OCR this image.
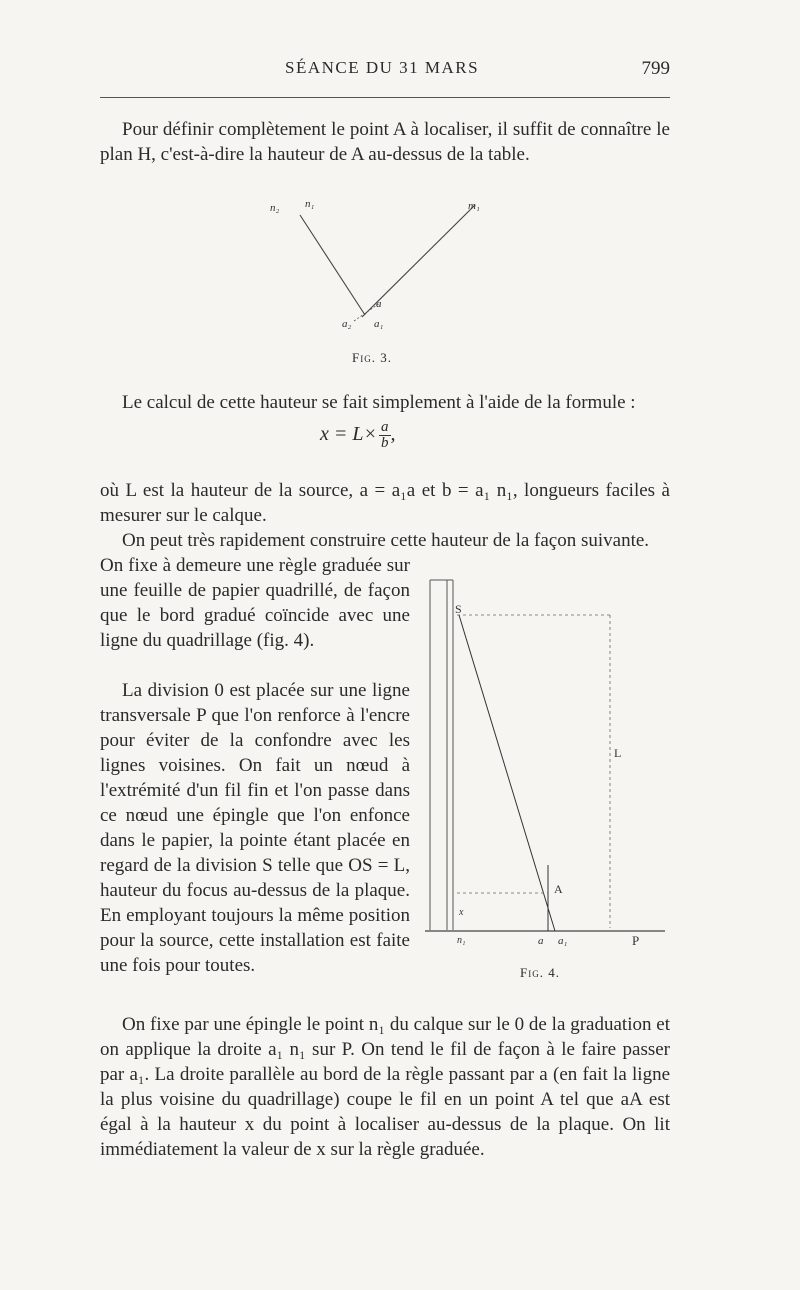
SÉANCE DU 31 MARS	799

Pour définir complètement le point A à localiser, il suffit de connaître le plan H, c'est-à-dire la hauteur de A au-dessus de la table.

n₂ n₁	m₁
a
a₂ a₁
Fig. 3.

Le calcul de cette hauteur se fait simplement à l'aide de la formule :

$x = L\times \frac{a}{b}$,

où L est la hauteur de la source, a = a₁a et b = a₁ n₁, longueurs faciles à mesurer sur le calque.

On peut très rapidement construire cette hauteur de la façon suivante.

On fixe à demeure une règle graduée sur une feuille de papier quadrillé, de façon que le bord gradué coïncide avec une ligne du quadrillage (fig. 4).

La division 0 est placée sur une ligne transversale P que l'on renforce à l'encre pour éviter de la confondre avec les lignes voisines. On fait un nœud à l'extrémité d'un fil fin et l'on passe dans ce nœud une épingle que l'on enfonce dans le papier, la pointe étant placée en regard de la division S telle que OS = L, hauteur du focus au-dessus de la plaque. En employant toujours la même position pour la source, cette installation est faite une fois pour toutes.

S
L
A
x
n₁	a a₁	P
Fig. 4.

On fixe par une épingle le point n₁ du calque sur le 0 de la graduation et on applique la droite a₁ n₁ sur P. On tend le fil de façon à le faire passer par a₁. La droite parallèle au bord de la règle passant par a (en fait la ligne la plus voisine du quadrillage) coupe le fil en un point A tel que aA est égal à la hauteur x du point à localiser au-dessus de la plaque. On lit immédiatement la valeur de x sur la règle graduée.
